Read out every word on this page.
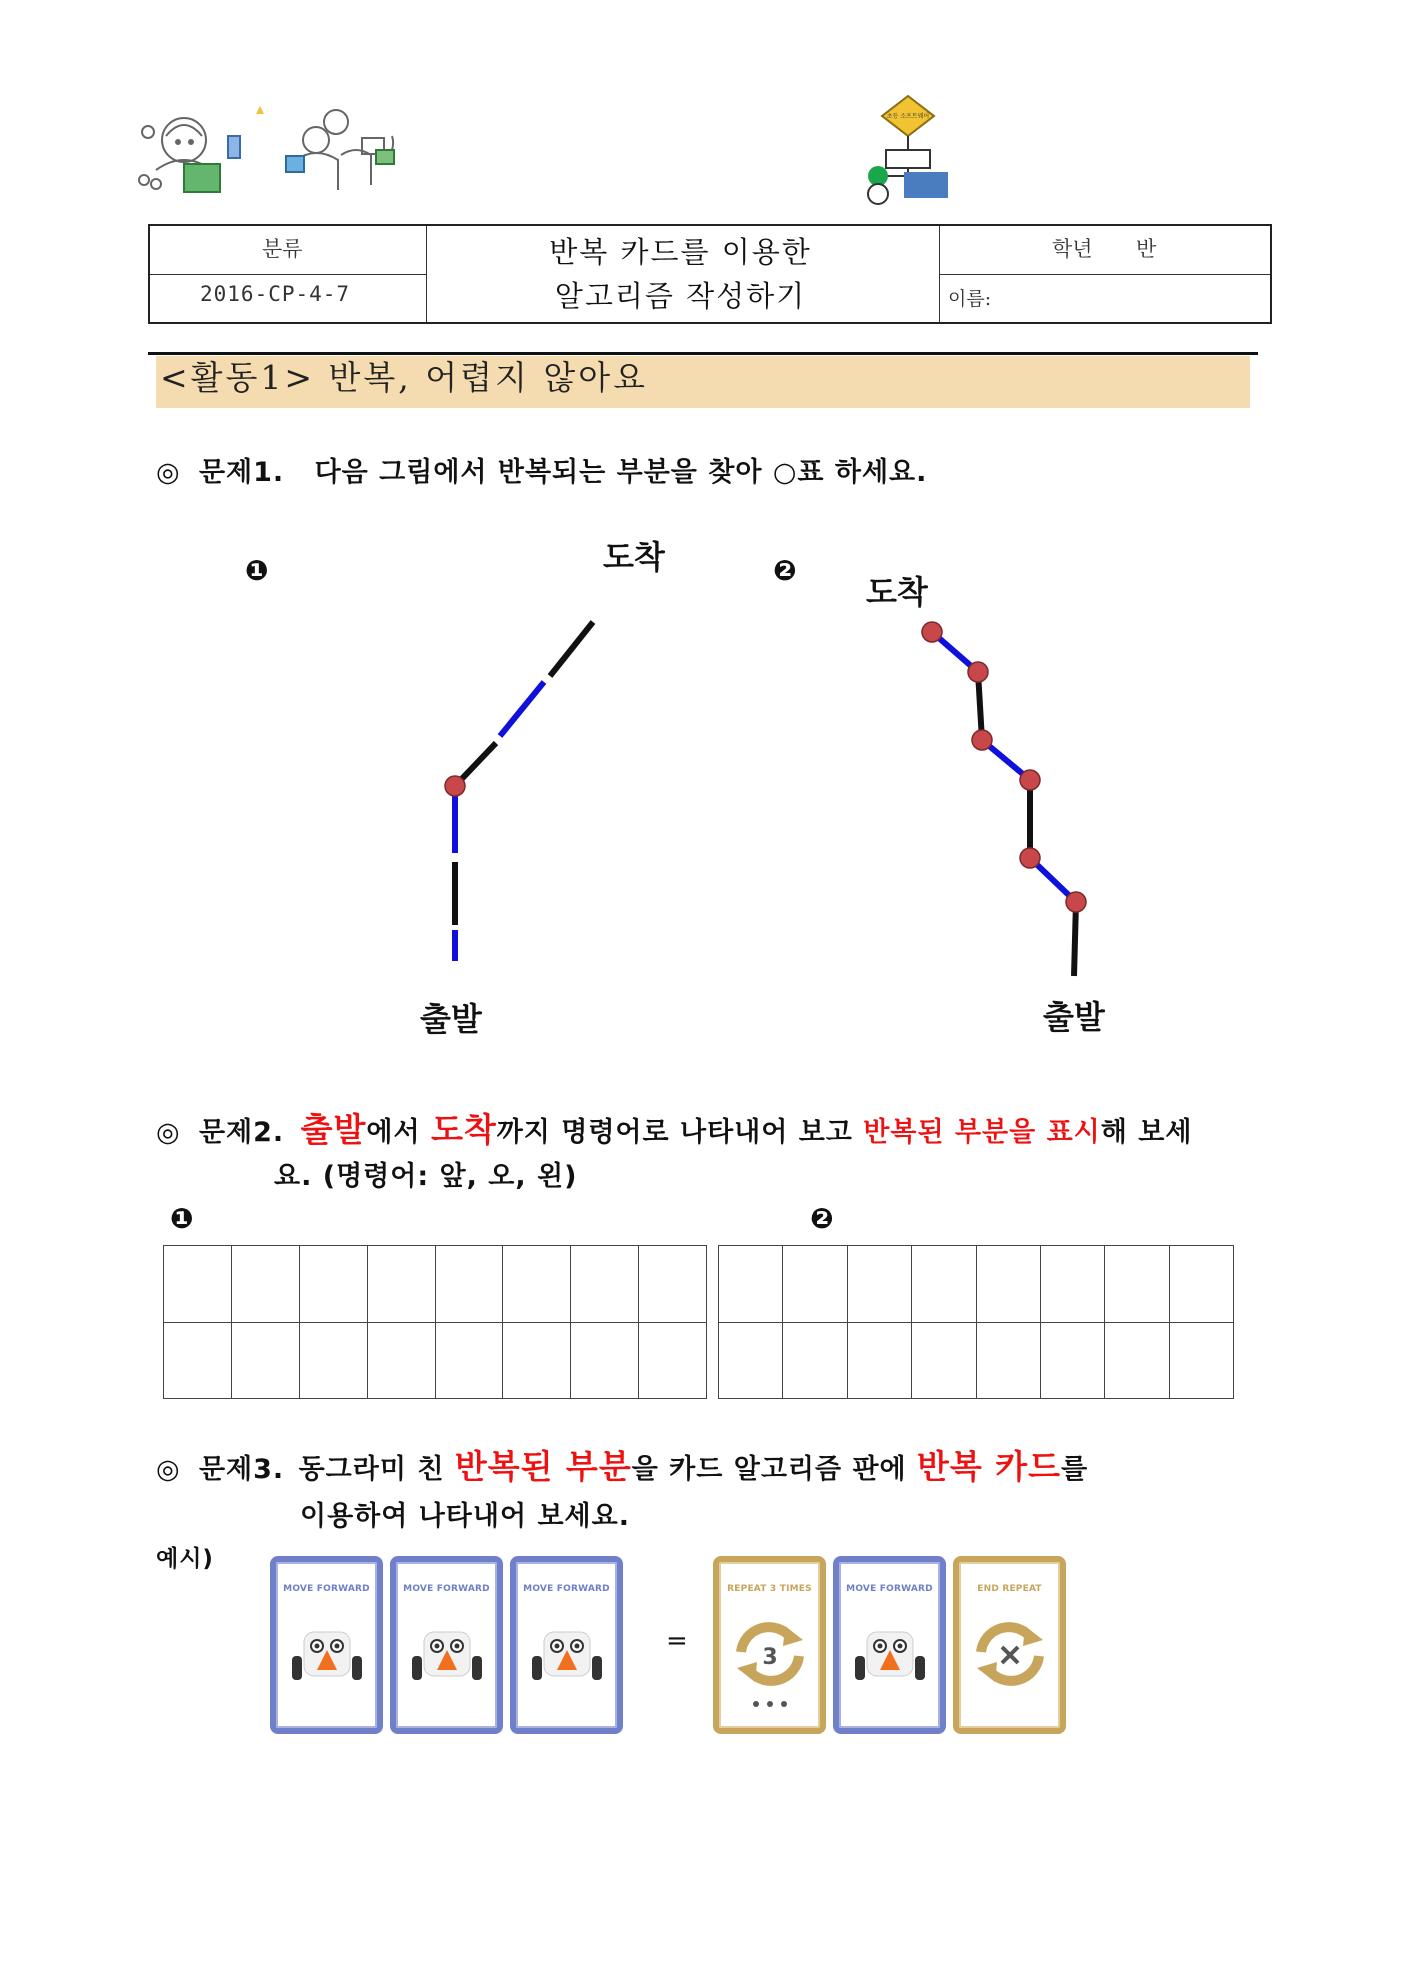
초등 소프트웨어
분류
2016-CP-4-7
반복 카드를 이용한
알고리즘 작성하기
학년 반
이름:
<활동1> 반복, 어렵지 않아요
◎ 문제1. 다음 그림에서 반복되는 부분을 찾아 ○표 하세요.
❶	도착
출발
❷
도착
출발
◎ 문제2. 출발에서 도착까지 명령어로 나타내어 보고 반복된 부분을 표시해 보세
요. (명령어: 앞, 오, 왼)
❶	❷

◎ 문제3. 동그라미 친 반복된 부분을 카드 알고리즘 판에 반복 카드를
이용하여 나타내어 보세요.
예시)
MOVE FORWARD	MOVE FORWARD	MOVE FORWARD
=
REPEAT 3 TIMES
3
MOVE FORWARD	END REPEAT
